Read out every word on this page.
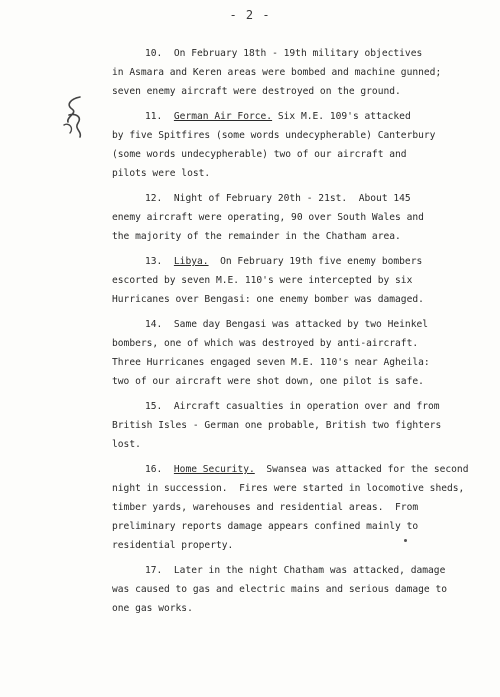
- 2 -
10. On February 18th - 19th military objectives
in Asmara and Keren areas were bombed and machine gunned;
seven enemy aircraft were destroyed on the ground.
11. German Air Force. Six M.E. 109's attacked
by five Spitfires (some words undecypherable) Canterbury
(some words undecypherable) two of our aircraft and
pilots were lost.
12. Night of February 20th - 21st.  About 145
enemy aircraft were operating, 90 over South Wales and
the majority of the remainder in the Chatham area.
13. Libya.  On February 19th five enemy bombers
escorted by seven M.E. 110's were intercepted by six
Hurricanes over Bengasi: one enemy bomber was damaged.
14. Same day Bengasi was attacked by two Heinkel
bombers, one of which was destroyed by anti-aircraft.
Three Hurricanes engaged seven M.E. 110's near Agheila:
two of our aircraft were shot down, one pilot is safe.
15. Aircraft casualties in operation over and from
British Isles - German one probable, British two fighters
lost.
16. Home Security.  Swansea was attacked for the second
night in succession.  Fires were started in locomotive sheds,
timber yards, warehouses and residential areas.  From
preliminary reports damage appears confined mainly to
residential property.
17. Later in the night Chatham was attacked, damage
was caused to gas and electric mains and serious damage to
one gas works.
